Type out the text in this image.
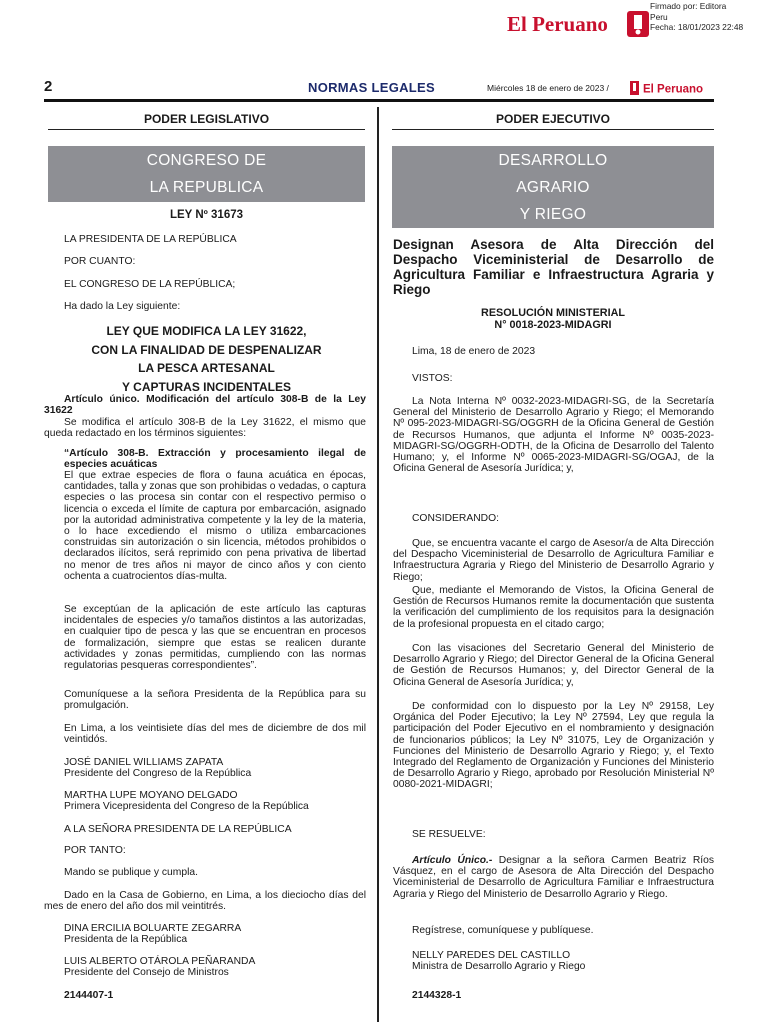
Firmado por: Editora
Peru
Fecha: 18/01/2023 22:48
El Peruano
2	NORMAS LEGALES	Miércoles 18 de enero de 2023 /	El Peruano
PODER LEGISLATIVO
CONGRESO DE
LA REPUBLICA
LEY Nº 31673
LA PRESIDENTA DE LA REPÚBLICA
POR CUANTO:
EL CONGRESO DE LA REPÚBLICA;
Ha dado la Ley siguiente:
LEY QUE MODIFICA LA LEY 31622,
CON LA FINALIDAD DE DESPENALIZAR
LA PESCA ARTESANAL
Y CAPTURAS INCIDENTALES
Artículo único. Modificación del artículo 308-B de la Ley 31622
Se modifica el artículo 308-B de la Ley 31622, el mismo que queda redactado en los términos siguientes:
“Artículo 308-B. Extracción y procesamiento ilegal de especies acuáticas
El que extrae especies de flora o fauna acuática en épocas, cantidades, talla y zonas que son prohibidas o vedadas, o captura especies o las procesa sin contar con el respectivo permiso o licencia o exceda el límite de captura por embarcación, asignado por la autoridad administrativa competente y la ley de la materia, o lo hace excediendo el mismo o utiliza embarcaciones construidas sin autorización o sin licencia, métodos prohibidos o declarados ilícitos, será reprimido con pena privativa de libertad no menor de tres años ni mayor de cinco años y con ciento ochenta a cuatrocientos días-multa.
Se exceptúan de la aplicación de este artículo las capturas incidentales de especies y/o tamaños distintos a las autorizadas, en cualquier tipo de pesca y las que se encuentran en procesos de formalización, siempre que estas se realicen durante actividades y zonas permitidas, cumpliendo con las normas regulatorias pesqueras correspondientes”.
Comuníquese a la señora Presidenta de la República para su promulgación.
En Lima, a los veintisiete días del mes de diciembre de dos mil veintidós.
JOSÉ DANIEL WILLIAMS ZAPATA
Presidente del Congreso de la República
MARTHA LUPE MOYANO DELGADO
Primera Vicepresidenta del Congreso de la República
A LA SEÑORA PRESIDENTA DE LA REPÚBLICA
POR TANTO:
Mando se publique y cumpla.
Dado en la Casa de Gobierno, en Lima, a los dieciocho días del mes de enero del año dos mil veintitrés.
DINA ERCILIA BOLUARTE ZEGARRA
Presidenta de la República
LUIS ALBERTO OTÁROLA PEÑARANDA
Presidente del Consejo de Ministros
2144407-1
PODER EJECUTIVO
DESARROLLO
AGRARIO
Y RIEGO
Designan Asesora de Alta Dirección del Despacho Viceministerial de Desarrollo de Agricultura Familiar e Infraestructura Agraria y Riego
RESOLUCIÓN MINISTERIAL
N° 0018-2023-MIDAGRI
Lima, 18 de enero de 2023
VISTOS:
La Nota Interna Nº 0032-2023-MIDAGRI-SG, de la Secretaría General del Ministerio de Desarrollo Agrario y Riego; el Memorando Nº 095-2023-MIDAGRI-SG/OGGRH de la Oficina General de Gestión de Recursos Humanos, que adjunta el Informe Nº 0035-2023-MIDAGRI-SG/OGGRH-ODTH, de la Oficina de Desarrollo del Talento Humano; y, el Informe Nº 0065-2023-MIDAGRI-SG/OGAJ, de la Oficina General de Asesoría Jurídica; y,
CONSIDERANDO:
Que, se encuentra vacante el cargo de Asesor/a de Alta Dirección del Despacho Viceministerial de Desarrollo de Agricultura Familiar e Infraestructura Agraria y Riego del Ministerio de Desarrollo Agrario y Riego;
Que, mediante el Memorando de Vistos, la Oficina General de Gestión de Recursos Humanos remite la documentación que sustenta la verificación del cumplimiento de los requisitos para la designación de la profesional propuesta en el citado cargo;
Con las visaciones del Secretario General del Ministerio de Desarrollo Agrario y Riego; del Director General de la Oficina General de Gestión de Recursos Humanos; y, del Director General de la Oficina General de Asesoría Jurídica; y,
De conformidad con lo dispuesto por la Ley Nº 29158, Ley Orgánica del Poder Ejecutivo; la Ley Nº 27594, Ley que regula la participación del Poder Ejecutivo en el nombramiento y designación de funcionarios públicos; la Ley Nº 31075, Ley de Organización y Funciones del Ministerio de Desarrollo Agrario y Riego; y, el Texto Integrado del Reglamento de Organización y Funciones del Ministerio de Desarrollo Agrario y Riego, aprobado por Resolución Ministerial Nº 0080-2021-MIDAGRI;
SE RESUELVE:
Artículo Único.- Designar a la señora Carmen Beatriz Ríos Vásquez, en el cargo de Asesora de Alta Dirección del Despacho Viceministerial de Desarrollo de Agricultura Familiar e Infraestructura Agraria y Riego del Ministerio de Desarrollo Agrario y Riego.
Regístrese, comuníquese y publíquese.
NELLY PAREDES DEL CASTILLO
Ministra de Desarrollo Agrario y Riego
2144328-1
